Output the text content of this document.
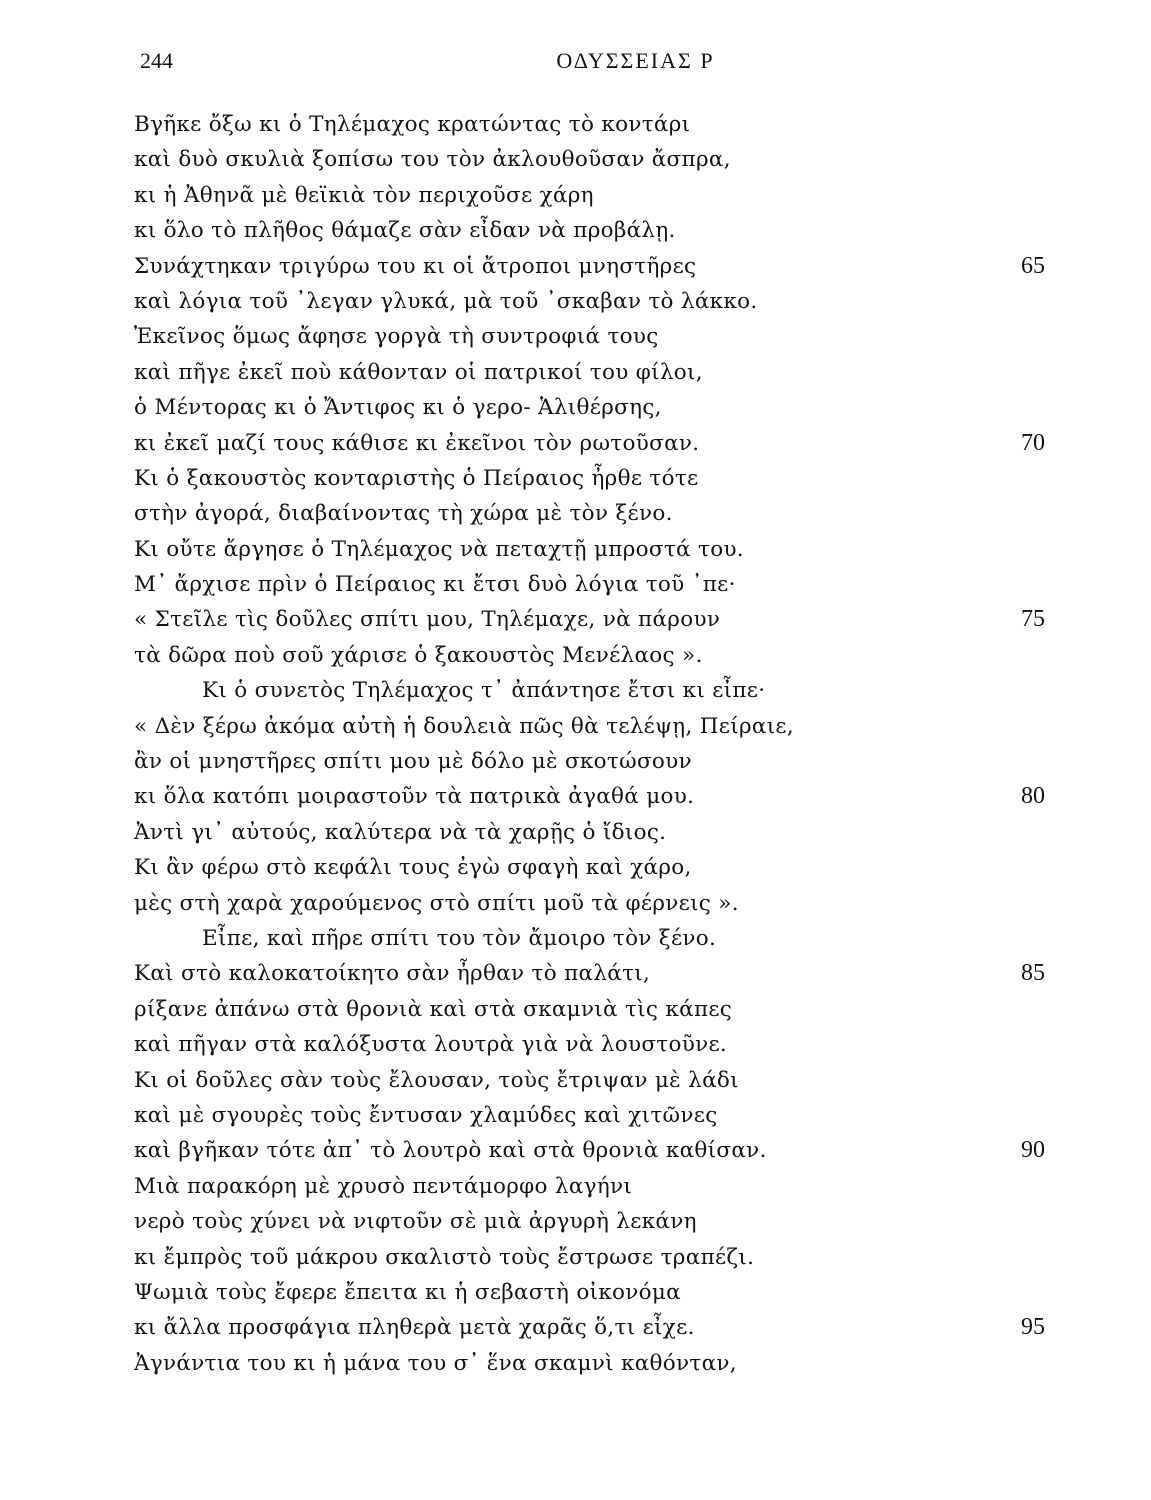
244	ΟΔΥΣΣΕΙΑΣ Ρ
Βγῆκε ὄξω κι ὁ Τηλέμαχος κρατώντας τὸ κοντάρι
καὶ δυὸ σκυλιὰ ξοπίσω του τὸν ἀκλουθοῦσαν ἄσπρα,
κι ἡ Ἀθηνᾶ μὲ θεϊκιὰ τὸν περιχοῦσε χάρη
κι ὅλο τὸ πλῆθος θάμαζε σὰν εἶδαν νὰ προβάλῃ.
Συνάχτηκαν τριγύρω του κι οἱ ἄτροποι μνηστῆρες	65
καὶ λόγια τοῦ ᾽λεγαν γλυκά, μὰ τοῦ ᾽σκαβαν τὸ λάκκο.
Ἐκεῖνος ὅμως ἄφησε γοργὰ τὴ συντροφιά τους
καὶ πῆγε ἐκεῖ ποὺ κάθονταν οἱ πατρικοί του φίλοι,
ὁ Μέντορας κι ὁ Ἄντιφος κι ὁ γερο- Ἁλιθέρσης,
κι ἐκεῖ μαζί τους κάθισε κι ἐκεῖνοι τὸν ρωτοῦσαν.	70
Κι ὁ ξακουστὸς κονταριστὴς ὁ Πείραιος ἦρθε τότε
στὴν ἀγορά, διαβαίνοντας τὴ χώρα μὲ τὸν ξένο.
Κι οὔτε ἄργησε ὁ Τηλέμαχος νὰ πεταχτῇ μπροστά του.
Μ᾽ ἄρχισε πρὶν ὁ Πείραιος κι ἔτσι δυὸ λόγια τοῦ ᾽πε·
« Στεῖλε τὶς δοῦλες σπίτι μου, Τηλέμαχε, νὰ πάρουν	75
τὰ δῶρα ποὺ σοῦ χάρισε ὁ ξακουστὸς Μενέλαος ».
Κι ὁ συνετὸς Τηλέμαχος τ᾽ ἀπάντησε ἔτσι κι εἶπε·
« Δὲν ξέρω ἀκόμα αὐτὴ ἡ δουλειὰ πῶς θὰ τελέψῃ, Πείραιε,
ἂν οἱ μνηστῆρες σπίτι μου μὲ δόλο μὲ σκοτώσουν
κι ὅλα κατόπι μοιραστοῦν τὰ πατρικὰ ἀγαθά μου.	80
Ἀντὶ γι᾽ αὐτούς, καλύτερα νὰ τὰ χαρῇς ὁ ἴδιος.
Κι ἂν φέρω στὸ κεφάλι τους ἐγὼ σφαγὴ καὶ χάρο,
μὲς στὴ χαρὰ χαρούμενος στὸ σπίτι μοῦ τὰ φέρνεις ».
Εἶπε, καὶ πῆρε σπίτι του τὸν ἄμοιρο τὸν ξένο.
Καὶ στὸ καλοκατοίκητο σὰν ἦρθαν τὸ παλάτι,	85
ρίξανε ἀπάνω στὰ θρονιὰ καὶ στὰ σκαμνιὰ τὶς κάπες
καὶ πῆγαν στὰ καλόξυστα λουτρὰ γιὰ νὰ λουστοῦνε.
Κι οἱ δοῦλες σὰν τοὺς ἔλουσαν, τοὺς ἔτριψαν μὲ λάδι
καὶ μὲ σγουρὲς τοὺς ἔντυσαν χλαμύδες καὶ χιτῶνες
καὶ βγῆκαν τότε ἀπ᾽ τὸ λουτρὸ καὶ στὰ θρονιὰ καθίσαν.	90
Μιὰ παρακόρη μὲ χρυσὸ πεντάμορφο λαγήνι
νερὸ τοὺς χύνει νὰ νιφτοῦν σὲ μιὰ ἀργυρὴ λεκάνη
κι ἔμπρὸς τοῦ μάκρου σκαλιστὸ τοὺς ἔστρωσε τραπέζι.
Ψωμιὰ τοὺς ἔφερε ἔπειτα κι ἡ σεβαστὴ οἰκονόμα
κι ἄλλα προσφάγια πληθερὰ μετὰ χαρᾶς ὅ,τι εἶχε.	95
Ἀγνάντια του κι ἡ μάνα του σ᾽ ἕνα σκαμνὶ καθόνταν,
